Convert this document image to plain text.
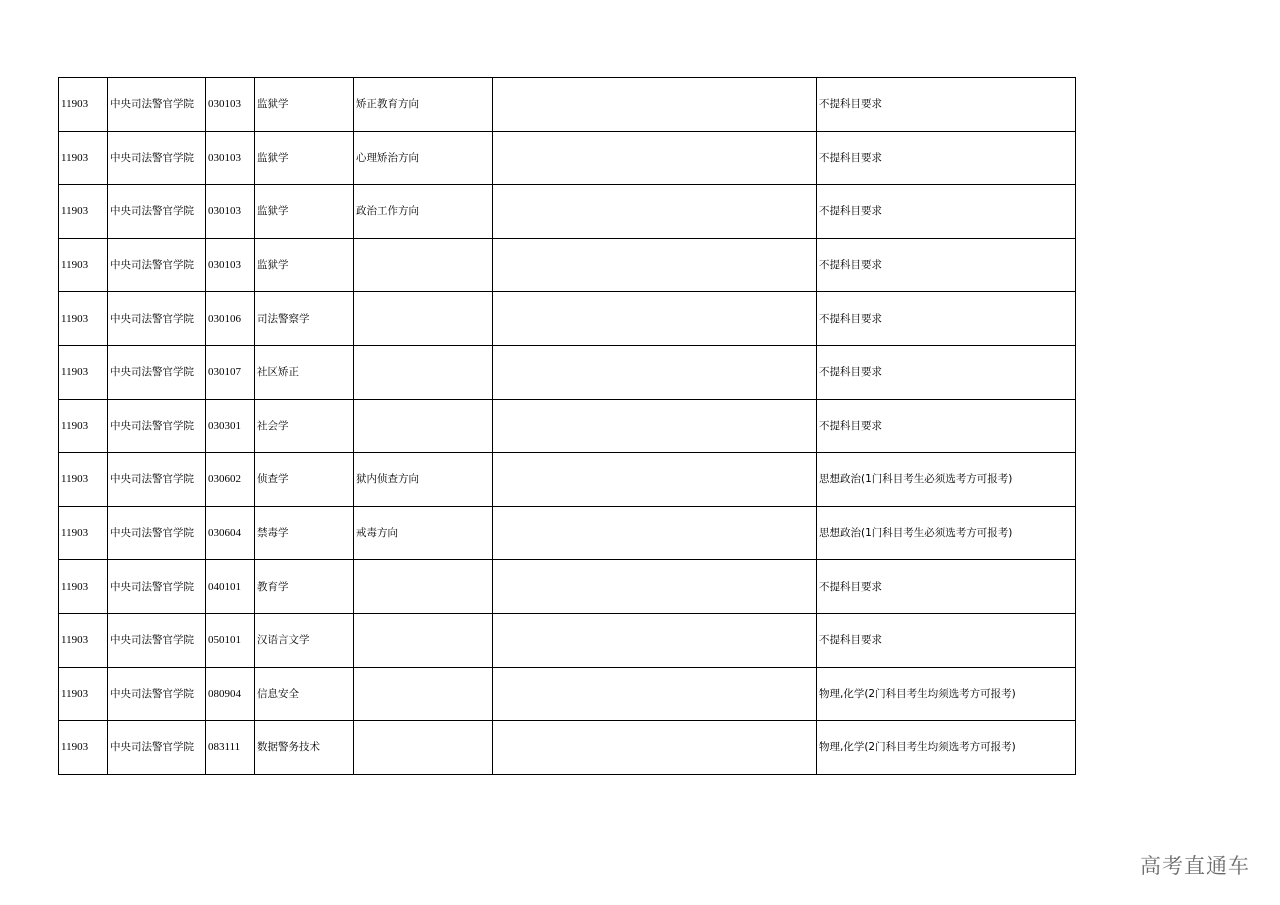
11903	中央司法警官学院	030103	监狱学	矫正教育方向		不提科目要求
11903	中央司法警官学院	030103	监狱学	心理矫治方向		不提科目要求
11903	中央司法警官学院	030103	监狱学	政治工作方向		不提科目要求
11903	中央司法警官学院	030103	监狱学			不提科目要求
11903	中央司法警官学院	030106	司法警察学			不提科目要求
11903	中央司法警官学院	030107	社区矫正			不提科目要求
11903	中央司法警官学院	030301	社会学			不提科目要求
11903	中央司法警官学院	030602	侦查学	狱内侦查方向		思想政治(1门科目考生必须选考方可报考)
11903	中央司法警官学院	030604	禁毒学	戒毒方向		思想政治(1门科目考生必须选考方可报考)
11903	中央司法警官学院	040101	教育学			不提科目要求
11903	中央司法警官学院	050101	汉语言文学			不提科目要求
11903	中央司法警官学院	080904	信息安全			物理,化学(2门科目考生均须选考方可报考)
11903	中央司法警官学院	083111	数据警务技术			物理,化学(2门科目考生均须选考方可报考)
高考直通车
